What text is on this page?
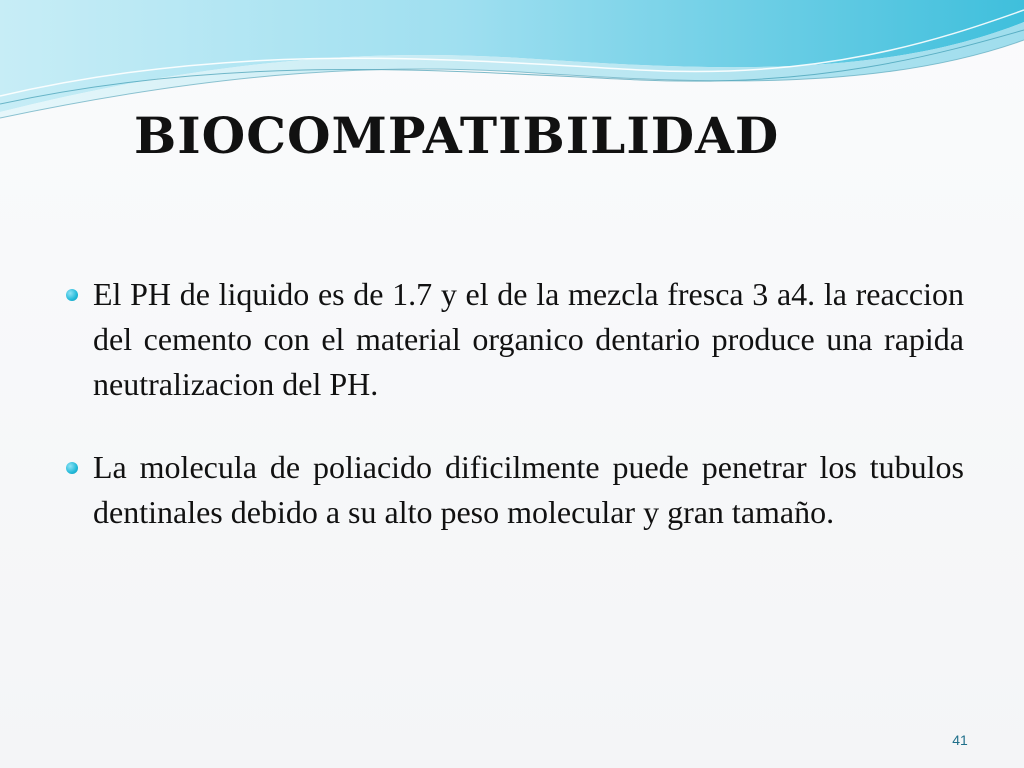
BIOCOMPATIBILIDAD
El PH de liquido es de 1.7 y el de la mezcla fresca 3 a4. la reaccion del cemento con el material organico dentario produce una rapida neutralizacion del PH.
La molecula de poliacido dificilmente puede penetrar los tubulos dentinales debido a su alto peso molecular y gran tamaño.
41
